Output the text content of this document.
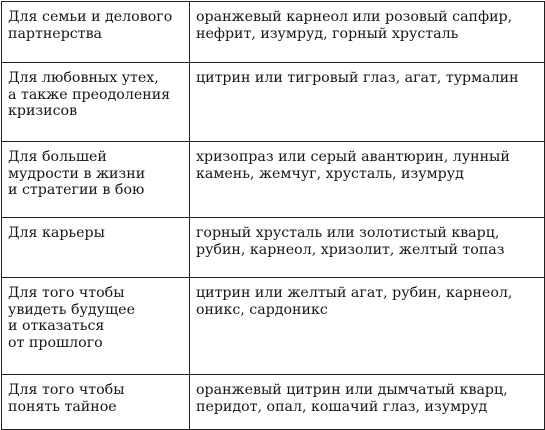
Для семьи и делового
партнерства	оранжевый карнеол или розовый сапфир,
нефрит, изумруд, горный хрусталь
Для любовных утех,
а также преодоления
кризисов	цитрин или тигровый глаз, агат, турмалин
Для большей
мудрости в жизни
и стратегии в бою	хризопраз или серый авантюрин, лунный
камень, жемчуг, хрусталь, изумруд
Для карьеры	горный хрусталь или золотистый кварц,
рубин, карнеол, хризолит, желтый топаз
Для того чтобы
увидеть будущее
и отказаться
от прошлого	цитрин или желтый агат, рубин, карнеол,
оникс, сардоникс
Для того чтобы
понять тайное	оранжевый цитрин или дымчатый кварц,
перидот, опал, кошачий глаз, изумруд
